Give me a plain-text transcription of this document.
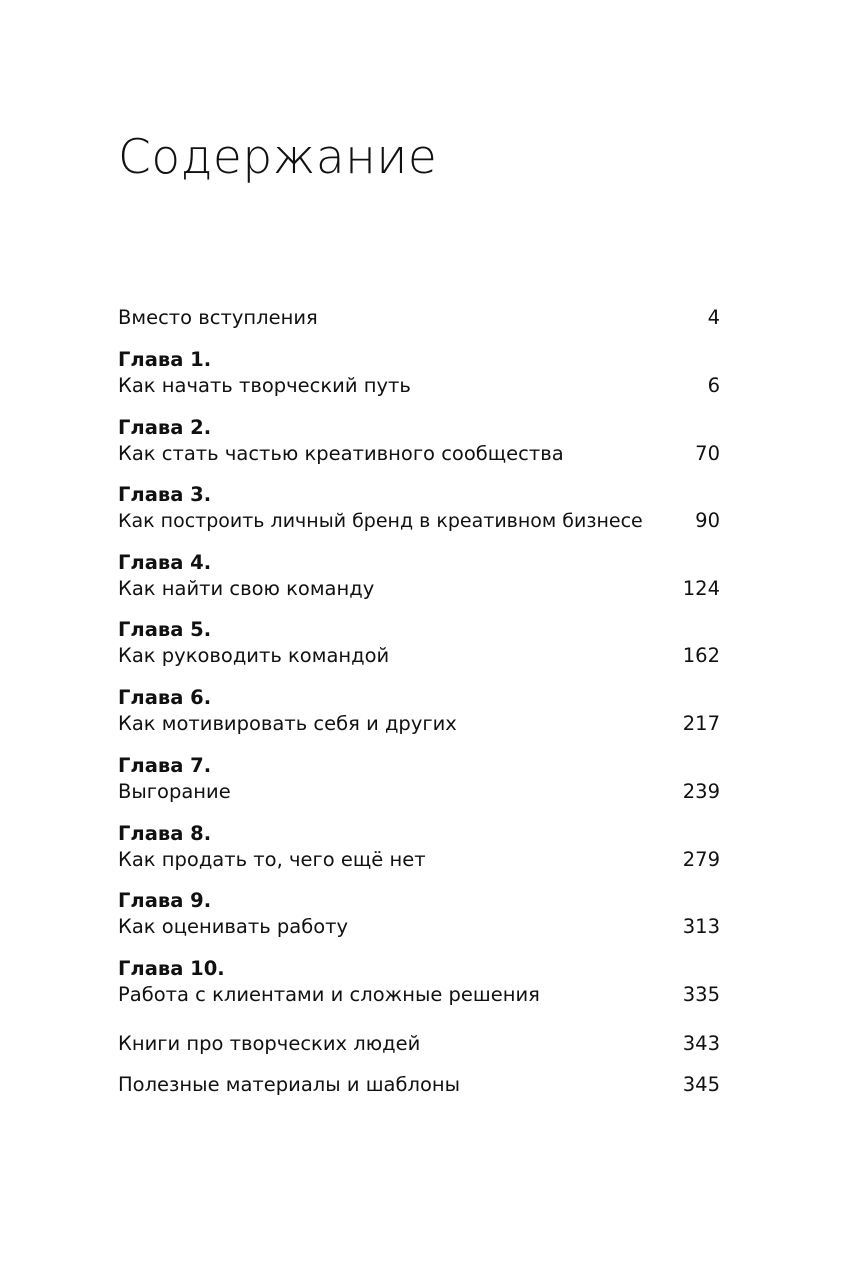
Содержание
Вместо вступления	4
Глава 1.
Как начать творческий путь	6
Глава 2.
Как стать частью креативного сообщества	70
Глава 3.
Как построить личный бренд в креативном бизнесе	90
Глава 4.
Как найти свою команду	124
Глава 5.
Как руководить командой	162
Глава 6.
Как мотивировать себя и других	217
Глава 7.
Выгорание	239
Глава 8.
Как продать то, чего ещё нет	279
Глава 9.
Как оценивать работу	313
Глава 10.
Работа с клиентами и сложные решения	335
Книги про творческих людей	343
Полезные материалы и шаблоны	345
